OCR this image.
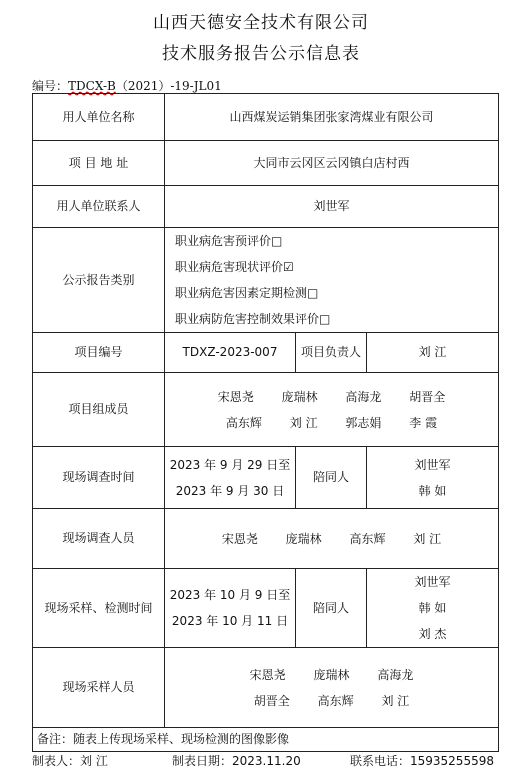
山西天德安全技术有限公司
技术服务报告公示信息表
编号：TDCX-B（2021）-19-JL01
用人单位名称	山西煤炭运销集团张家湾煤业有限公司		
项 目 地 址	大同市云冈区云冈镇白店村西		
用人单位联系人	刘世军		
公示报告类别	职业病危害预评价□
职业病危害现状评价☑
职业病危害因素定期检测□
职业病防危害控制效果评价□		

项目编号	TDXZ-2023-007	项目负责人	刘 江
项目组成员	宋恩尧 庞瑞林 高海龙 胡晋全
高东辉 刘 江 郭志娟 李 霞		

现场调查时间	2023 年 9 月 29 日至
2023 年 9 月 30 日	陪同人	刘世军
韩 如

现场调查人员	宋恩尧 庞瑞林 高东辉 刘 江		

现场采样、检测时间	2023 年 10 月 9 日至
2023 年 10 月 11 日	陪同人	刘世军
韩 如
刘 杰

现场采样人员	宋恩尧 庞瑞林 高海龙
胡晋全 高东辉 刘 江		

备注：随表上传现场采样、现场检测的图像影像			
制表人：刘 江	制表日期：2023.11.20	联系电话：15935255598
